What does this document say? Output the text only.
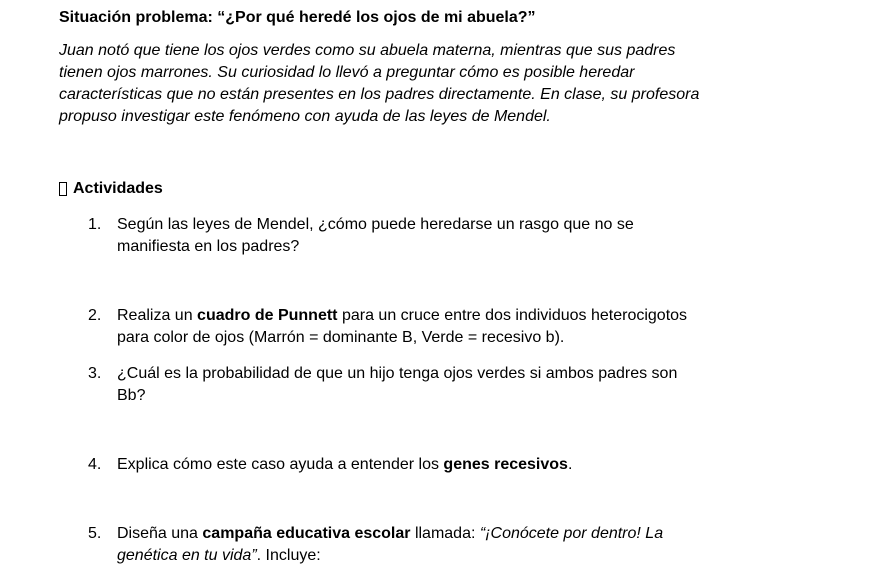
Situación problema: “¿Por qué heredé los ojos de mi abuela?”
Juan notó que tiene los ojos verdes como su abuela materna, mientras que sus padres
tienen ojos marrones. Su curiosidad lo llevó a preguntar cómo es posible heredar
características que no están presentes en los padres directamente. En clase, su profesora
propuso investigar este fenómeno con ayuda de las leyes de Mendel.
Actividades
1. Según las leyes de Mendel, ¿cómo puede heredarse un rasgo que no se
manifiesta en los padres?
2. Realiza un cuadro de Punnett para un cruce entre dos individuos heterocigotos
para color de ojos (Marrón = dominante B, Verde = recesivo b).
3. ¿Cuál es la probabilidad de que un hijo tenga ojos verdes si ambos padres son
Bb?
4. Explica cómo este caso ayuda a entender los genes recesivos.
5. Diseña una campaña educativa escolar llamada: “¡Conócete por dentro! La
genética en tu vida”. Incluye:
